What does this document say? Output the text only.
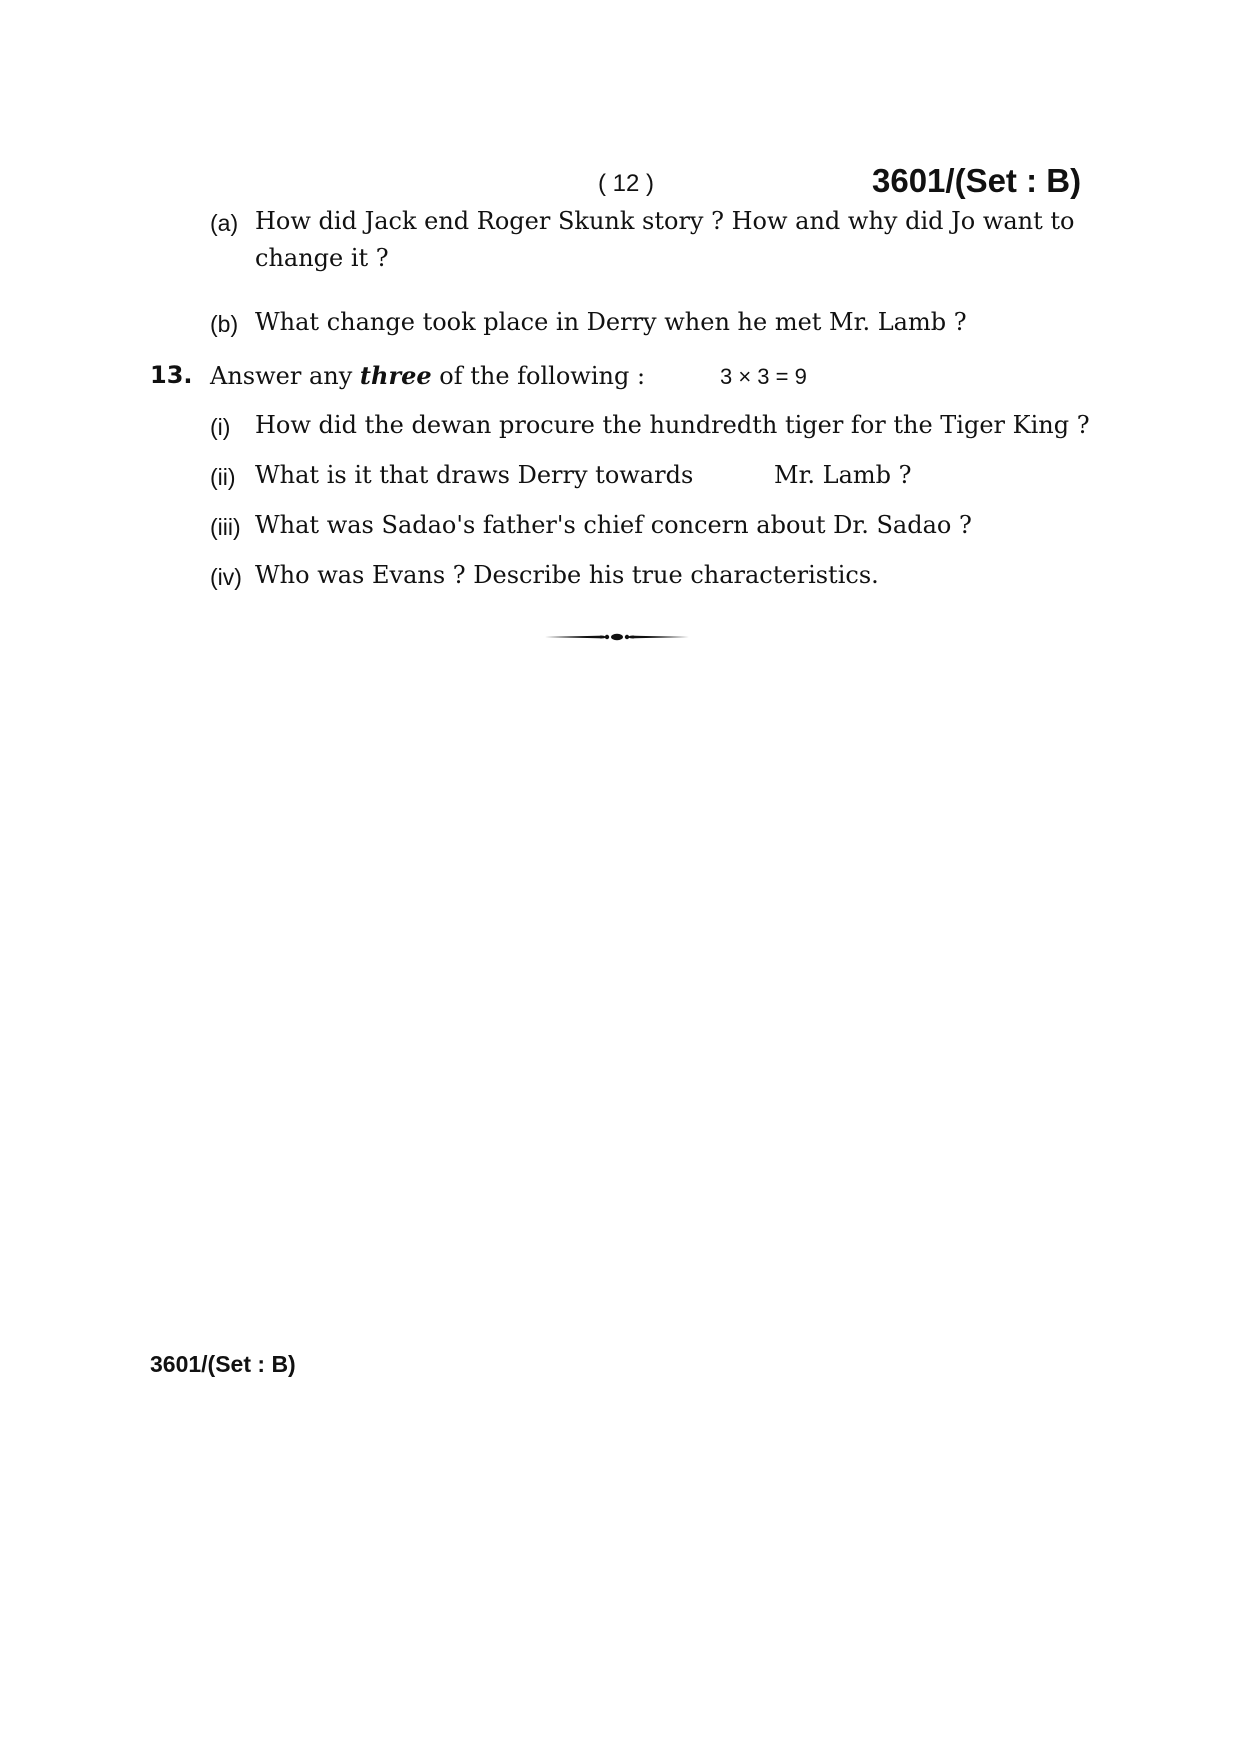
( 12 )	3601/(Set : B)
(a) How did Jack end Roger Skunk story ? How and why did Jo want to
change it ?
(b) What change took place in Derry when he met Mr. Lamb ?
13. Answer any three of the following :	3 × 3 = 9
(i) How did the dewan procure the hundredth tiger for the Tiger King ?
(ii) What is it that draws Derry towards	Mr. Lamb ?
(iii) What was Sadao's father's chief concern about Dr. Sadao ?
(iv) Who was Evans ? Describe his true characteristics.
3601/(Set : B)
